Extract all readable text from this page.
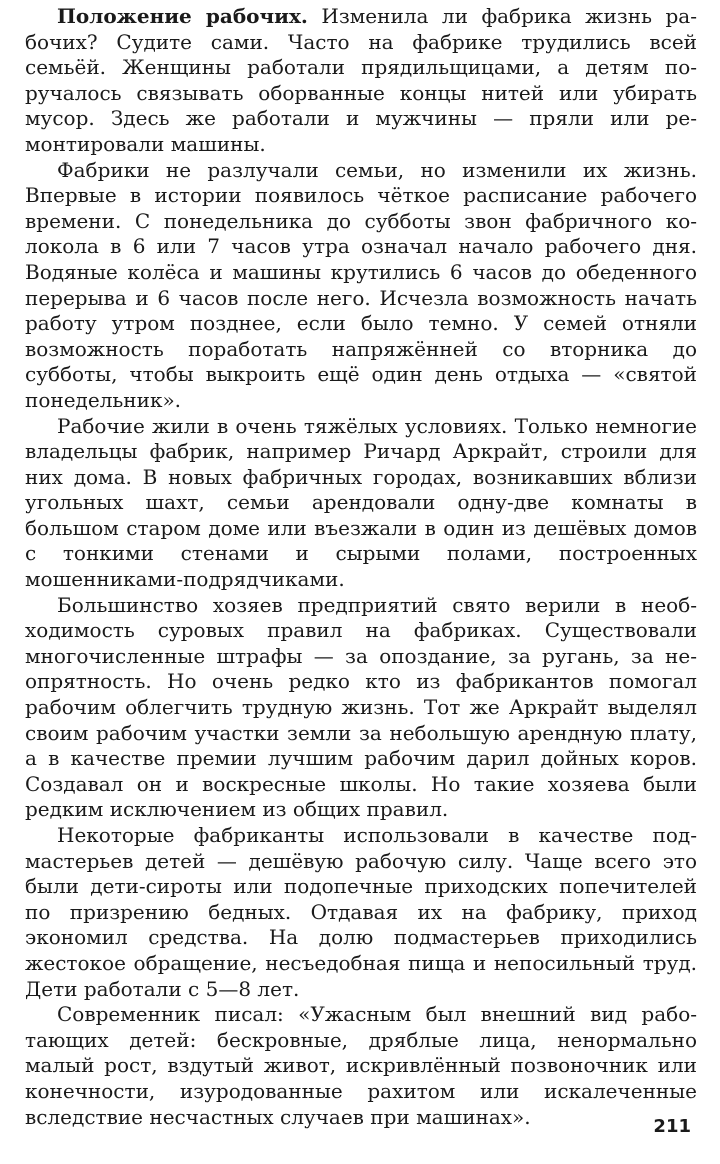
Положение рабочих. Изменила ли фабрика жизнь рабочих? Судите сами. Часто на фабрике трудились всей семьёй. Женщины работали прядильщицами, а детям поручалось связывать оборванные концы нитей или убирать мусор. Здесь же работали и мужчины — пряли или ремонтировали машины.

Фабрики не разлучали семьи, но изменили их жизнь. Впервые в истории появилось чёткое расписание рабочего времени. С понедельника до субботы звон фабричного колокола в 6 или 7 часов утра означал начало рабочего дня. Водяные колёса и машины крутились 6 часов до обеденного перерыва и 6 часов после него. Исчезла возможность начать работу утром позднее, если было темно. У семей отняли возможность поработать напряжённей со вторника до субботы, чтобы выкроить ещё один день отдыха — «святой понедельник».

Рабочие жили в очень тяжёлых условиях. Только немногие владельцы фабрик, например Ричард Аркрайт, строили для них дома. В новых фабричных городах, возникавших вблизи угольных шахт, семьи арендовали одну-две комнаты в большом старом доме или въезжали в один из дешёвых домов с тонкими стенами и сырыми полами, построенных мошенниками-подрядчиками.

Большинство хозяев предприятий свято верили в необходимость суровых правил на фабриках. Существовали многочисленные штрафы — за опоздание, за ругань, за неопрятность. Но очень редко кто из фабрикантов помогал рабочим облегчить трудную жизнь. Тот же Аркрайт выделял своим рабочим участки земли за небольшую арендную плату, а в качестве премии лучшим рабочим дарил дойных коров. Создавал он и воскресные школы. Но такие хозяева были редким исключением из общих правил.

Некоторые фабриканты использовали в качестве подмастерьев детей — дешёвую рабочую силу. Чаще всего это были дети-сироты или подопечные приходских попечителей по призрению бедных. Отдавая их на фабрику, приход экономил средства. На долю подмастерьев приходились жестокое обращение, несъедобная пища и непосильный труд. Дети работали с 5—8 лет.

Современник писал: «Ужасным был внешний вид работающих детей: бескровные, дряблые лица, ненормально малый рост, вздутый живот, искривлённый позвоночник или конечности, изуродованные рахитом или искалеченные вследствие несчастных случаев при машинах».	211
